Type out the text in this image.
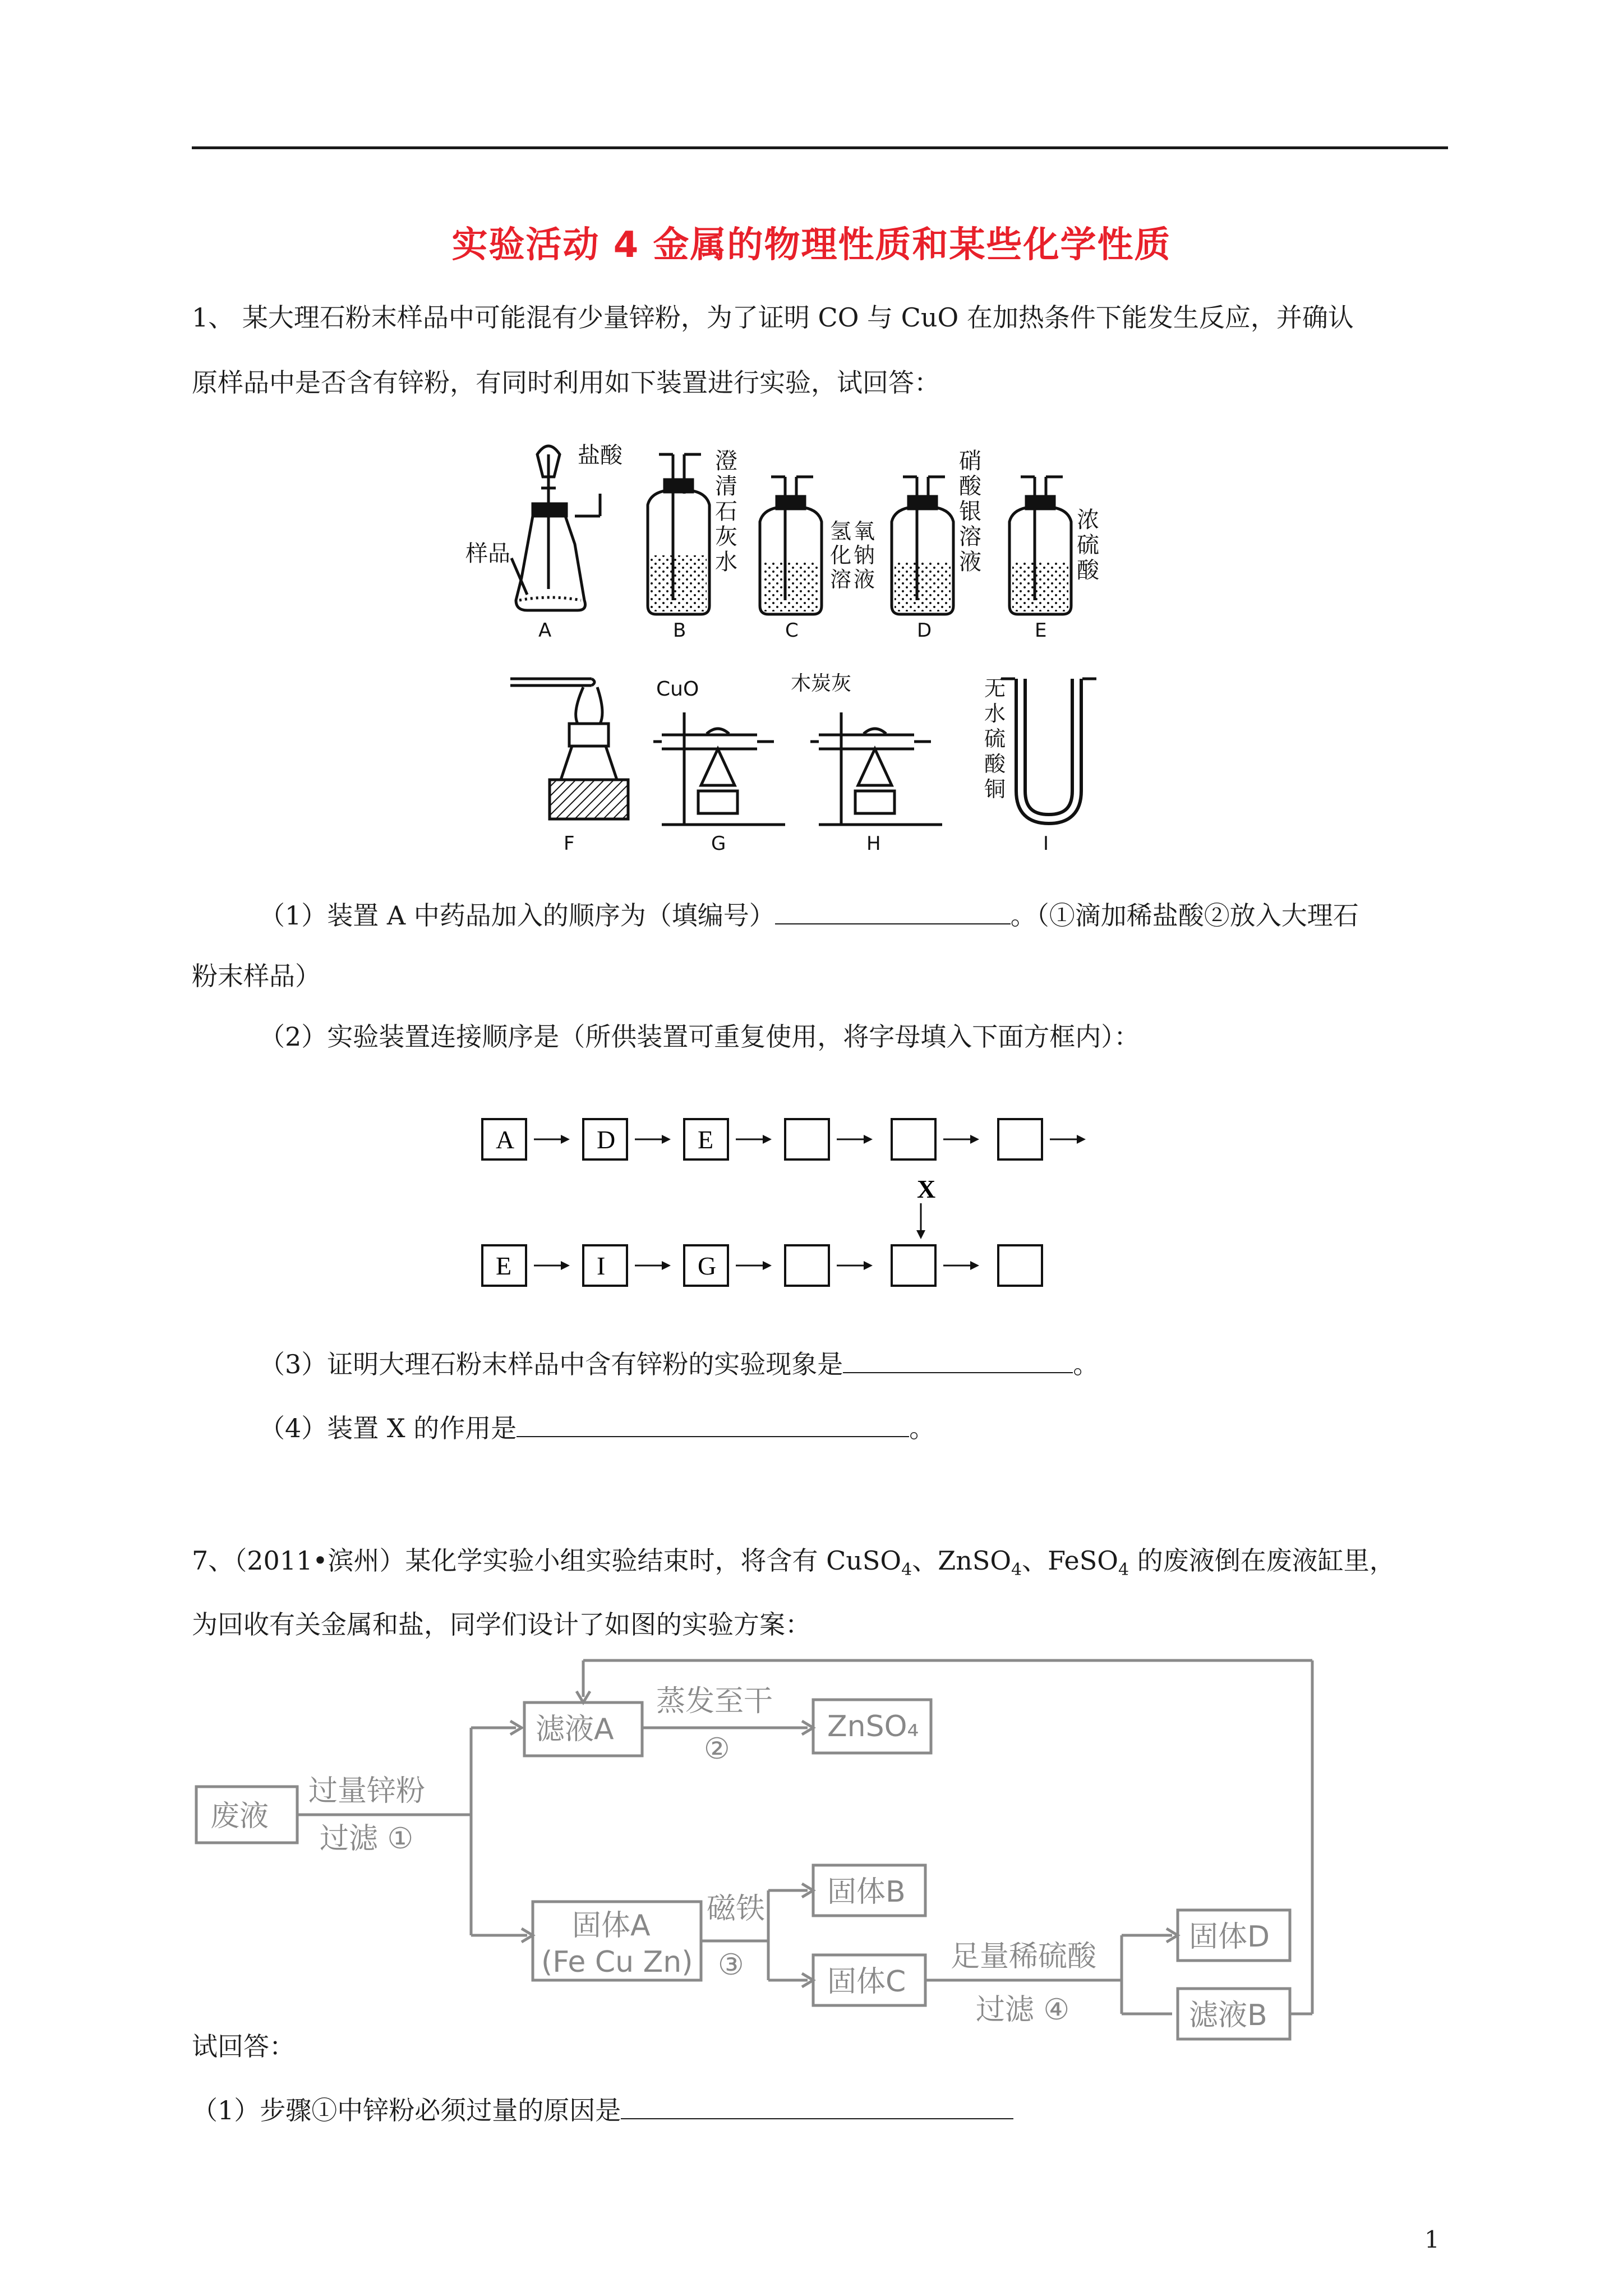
实验活动 4 金属的物理性质和某些化学性质
1、 某大理石粉末样品中可能混有少量锌粉，为了证明 CO 与 CuO 在加热条件下能发生反应，并确认
原样品中是否含有锌粉，有同时利用如下装置进行实验，试回答：
盐酸
样品
澄
清
石
灰
水
氢
化
溶
氧
钠
液
硝
酸
银
溶
液
浓
硫
酸
CuO	木炭灰	无
水
硫
酸
铜
A	B	C	D	E
F	G	H	I
（1）装置 A 中药品加入的顺序为（填编号）	。（①滴加稀盐酸②放入大理石
粉末样品）
（2）实验装置连接顺序是（所供装置可重复使用，将字母填入下面方框内）：
A	D	E
E	I	G
X
（3）证明大理石粉末样品中含有锌粉的实验现象是	。
（4）装置 X 的作用是	。
7、（2011•滨州）某化学实验小组实验结束时，将含有 CuSO$_4$、ZnSO$_4$、FeSO$_4$ 的废液倒在废液缸里，
为回收有关金属和盐，同学们设计了如图的实验方案：
废液
过量锌粉
过滤 ①
滤液A
蒸发至干
②
ZnSO₄
固体A
(Fe Cu Zn)
磁铁
③
固体B
固体C
足量稀硫酸
过滤 ④
固体D
滤液B
试回答：
（1）步骤①中锌粉必须过量的原因是
1
